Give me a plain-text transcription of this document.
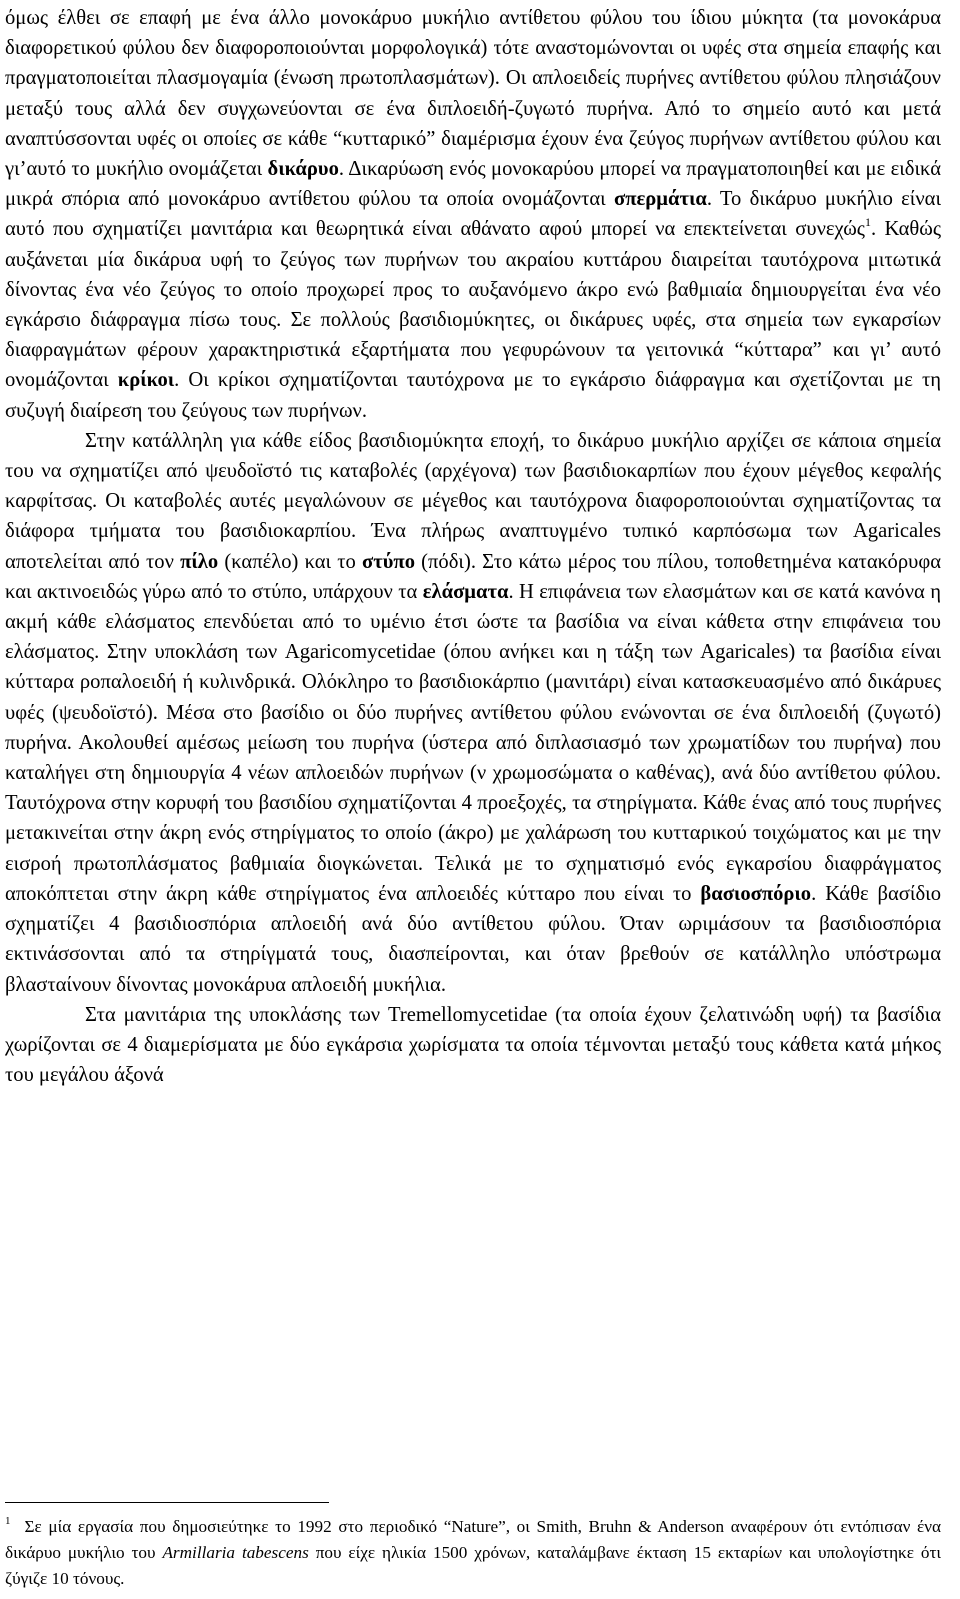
όμως έλθει σε επαφή με ένα άλλο μονοκάρυο μυκήλιο αντίθετου φύλου του ίδιου μύκητα (τα μονοκάρυα διαφορετικού φύλου δεν διαφοροποιούνται μορφολογικά) τότε αναστομώνονται οι υφές στα σημεία επαφής και πραγματοποιείται πλασμογαμία (ένωση πρωτοπλασμάτων). Οι απλοειδείς πυρήνες αντίθετου φύλου πλησιάζουν μεταξύ τους αλλά δεν συγχωνεύονται σε ένα διπλοειδή-ζυγωτό πυρήνα. Από το σημείο αυτό και μετά αναπτύσσονται υφές οι οποίες σε κάθε “κυτταρικό” διαμέρισμα έχουν ένα ζεύγος πυρήνων αντίθετου φύλου και γι’αυτό το μυκήλιο ονομάζεται δικάρυο. Δικαρύωση ενός μονοκαρύου μπορεί να πραγματοποιηθεί και με ειδικά μικρά σπόρια από μονοκάρυο αντίθετου φύλου τα οποία ονομάζονται σπερμάτια. Το δικάρυο μυκήλιο είναι αυτό που σχηματίζει μανιτάρια και θεωρητικά είναι αθάνατο αφού μπορεί να επεκτείνεται συνεχώς$^1$. Καθώς αυξάνεται μία δικάρυα υφή το ζεύγος των πυρήνων του ακραίου κυττάρου διαιρείται ταυτόχρονα μιτωτικά δίνοντας ένα νέο ζεύγος το οποίο προχωρεί προς το αυξανόμενο άκρο ενώ βαθμιαία δημιουργείται ένα νέο εγκάρσιο διάφραγμα πίσω τους. Σε πολλούς βασιδιομύκητες, οι δικάρυες υφές, στα σημεία των εγκαρσίων διαφραγμάτων φέρουν χαρακτηριστικά εξαρτήματα που γεφυρώνουν τα γειτονικά “κύτταρα” και γι’ αυτό ονομάζονται κρίκοι. Οι κρίκοι σχηματίζονται ταυτόχρονα με το εγκάρσιο διάφραγμα και σχετίζονται με τη συζυγή διαίρεση του ζεύγους των πυρήνων.

Στην κατάλληλη για κάθε είδος βασιδιομύκητα εποχή, το δικάρυο μυκήλιο αρχίζει σε κάποια σημεία του να σχηματίζει από ψευδοϊστό τις καταβολές (αρχέγονα) των βασιδιοκαρπίων που έχουν μέγεθος κεφαλής καρφίτσας. Οι καταβολές αυτές μεγαλώνουν σε μέγεθος και ταυτόχρονα διαφοροποιούνται σχηματίζοντας τα διάφορα τμήματα του βασιδιοκαρπίου. Ένα πλήρως αναπτυγμένο τυπικό καρπόσωμα των Agaricales αποτελείται από τον πίλο (καπέλο) και το στύπο (πόδι). Στο κάτω μέρος του πίλου, τοποθετημένα κατακόρυφα και ακτινοειδώς γύρω από το στύπο, υπάρχουν τα ελάσματα. Η επιφάνεια των ελασμάτων και σε κατά κανόνα η ακμή κάθε ελάσματος επενδύεται από το υμένιο έτσι ώστε τα βασίδια να είναι κάθετα στην επιφάνεια του ελάσματος. Στην υποκλάση των Agaricomycetidae (όπου ανήκει και η τάξη των Agaricales) τα βασίδια είναι κύτταρα ροπαλοειδή ή κυλινδρικά. Ολόκληρο το βασιδιοκάρπιο (μανιτάρι) είναι κατασκευασμένο από δικάρυες υφές (ψευδοϊστό). Μέσα στο βασίδιο οι δύο πυρήνες αντίθετου φύλου ενώνονται σε ένα διπλοειδή (ζυγωτό) πυρήνα. Ακολουθεί αμέσως μείωση του πυρήνα (ύστερα από διπλασιασμό των χρωματίδων του πυρήνα) που καταλήγει στη δημιουργία 4 νέων απλοειδών πυρήνων (ν χρωμοσώματα ο καθένας), ανά δύο αντίθετου φύλου. Ταυτόχρονα στην κορυφή του βασιδίου σχηματίζονται 4 προεξοχές, τα στηρίγματα. Κάθε ένας από τους πυρήνες μετακινείται στην άκρη ενός στηρίγματος το οποίο (άκρο) με χαλάρωση του κυτταρικού τοιχώματος και με την εισροή πρωτοπλάσματος βαθμιαία διογκώνεται. Τελικά με το σχηματισμό ενός εγκαρσίου διαφράγματος αποκόπτεται στην άκρη κάθε στηρίγματος ένα απλοειδές κύτταρο που είναι το βασιοσπόριο. Κάθε βασίδιο σχηματίζει 4 βασιδιοσπόρια απλοειδή ανά δύο αντίθετου φύλου. Όταν ωριμάσουν τα βασιδιοσπόρια εκτινάσσονται από τα στηρίγματά τους, διασπείρονται, και όταν βρεθούν σε κατάλληλο υπόστρωμα βλασταίνουν δίνοντας μονοκάρυα απλοειδή μυκήλια.

Στα μανιτάρια της υποκλάσης των Tremellomycetidae (τα οποία έχουν ζελατινώδη υφή) τα βασίδια χωρίζονται σε 4 διαμερίσματα με δύο εγκάρσια χωρίσματα τα οποία τέμνονται μεταξύ τους κάθετα κατά μήκος του μεγάλου άξονά

$^1$ Σε μία εργασία που δημοσιεύτηκε το 1992 στο περιοδικό “Nature”, οι Smith, Bruhn & Anderson αναφέρουν ότι εντόπισαν ένα δικάρυο μυκήλιο του Armillaria tabescens που είχε ηλικία 1500 χρόνων, καταλάμβανε έκταση 15 εκταρίων και υπολογίστηκε ότι ζύγιζε 10 τόνους.
